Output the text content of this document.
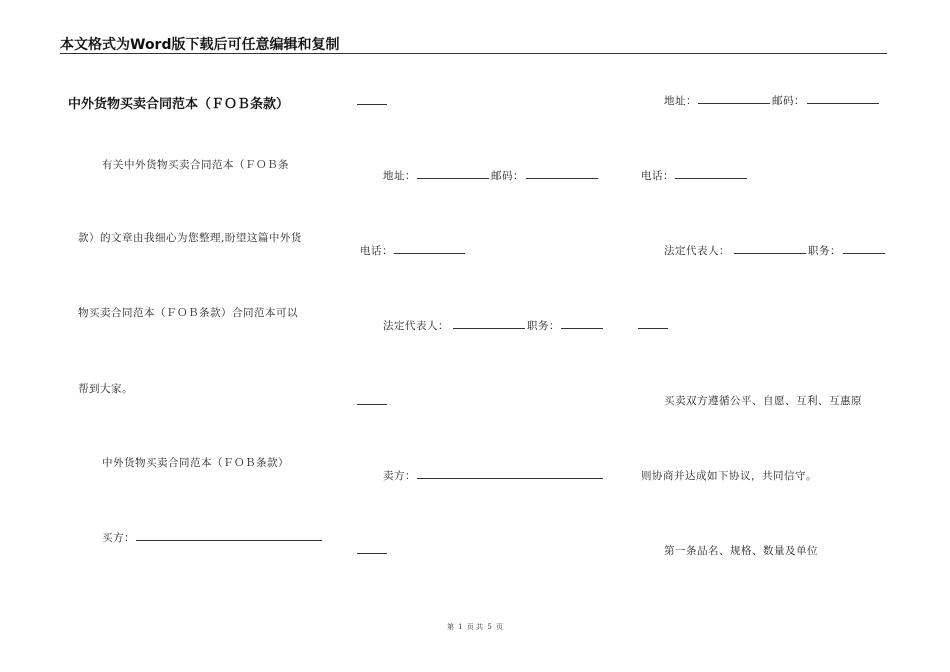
本文格式为Word版下载后可任意编辑和复制
中外货物买卖合同范本（ＦＯＢ条款）
有关中外货物买卖合同范本（ＦＯＢ条
款）的文章由我细心为您整理,盼望这篇中外货
物买卖合同范本（ＦＯＢ条款）合同范本可以
帮到大家。
中外货物买卖合同范本（ＦＯＢ条款）
买方：
地址：	邮码：
电话：
法定代表人：	职务：
卖方：
地址：	邮码：
电话：
法定代表人：	职务：
买卖双方遵循公平、自愿、互利、互惠原
则协商并达成如下协议，共同信守。
第一条品名、规格、数量及单位
第 1 页 共 5 页
